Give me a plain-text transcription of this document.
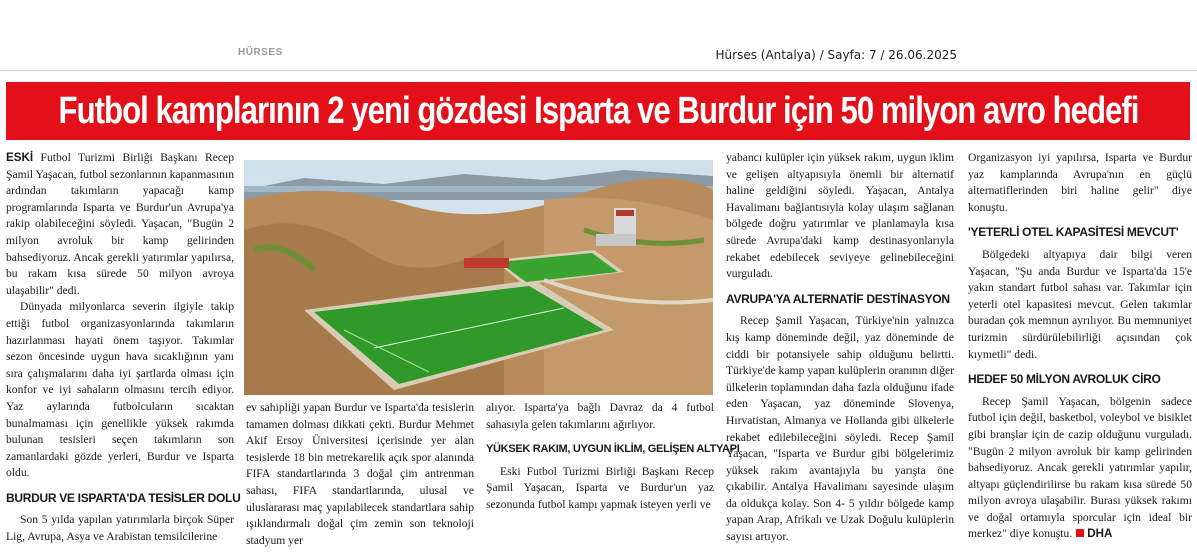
HÜRSES	Hürses (Antalya) / Sayfa: 7 / 26.06.2025
Futbol kamplarının 2 yeni gözdesi Isparta ve Burdur için 50 milyon avro hedefi

ESKİ Futbol Turizmi Birliği Başkanı Recep Şamil Yaşacan, futbol sezonlarının kapanmasının ardından takımların yapacağı kamp programlarında Isparta ve Burdur'un Avrupa'ya rakip olabileceğini söyledi. Yaşacan, "Bugün 2 milyon avroluk bir kamp gelirinden bahsediyoruz. Ancak gerekli yatırımlar yapılırsa, bu rakam kısa sürede 50 milyon avroya ulaşabilir" dedi.

Dünyada milyonlarca severin ilgiyle takip ettiği futbol organizasyonlarında takımların hazırlanması hayati önem taşıyor. Takımlar sezon öncesinde uygun hava sıcaklığının yanı sıra çalışmalarını daha iyi şartlarda olması için konfor ve iyi sahaların olmasını tercih ediyor. Yaz aylarında futbolcuların sıcaktan bunalmaması için genellikle yüksek rakımda bulunan tesisleri seçen takımların son zamanlardaki gözde yerleri, Burdur ve Isparta oldu.

BURDUR VE ISPARTA'DA TESİSLER DOLU

Son 5 yılda yapılan yatırımlarla birçok Süper Lig, Avrupa, Asya ve Arabistan temsilcilerine

ev sahipliği yapan Burdur ve Isparta'da tesislerin tamamen dolması dikkati çekti. Burdur Mehmet Akif Ersoy Üniversitesi içerisinde yer alan tesislerde 18 bin metrekarelik açık spor alanında FIFA standartlarında 3 doğal çim antrenman sahası, FIFA standartlarında, ulusal ve uluslararası maç yapılabilecek standartlara sahip ışıklandırmalı doğal çim zemin son teknoloji stadyum yer

alıyor. Isparta'ya bağlı Davraz da 4 futbol sahasıyla gelen takımlarını ağırlıyor.

YÜKSEK RAKIM, UYGUN İKLİM, GELİŞEN ALTYAPI

Eski Futbol Turizmi Birliği Başkanı Recep Şamil Yaşacan, Isparta ve Burdur'un yaz sezonunda futbol kampı yapmak isteyen yerli ve

yabancı kulüpler için yüksek rakım, uygun iklim ve gelişen altyapısıyla önemli bir alternatif haline geldiğini söyledi. Yaşacan, Antalya Havalimanı bağlantısıyla kolay ulaşım sağlanan bölgede doğru yatırımlar ve planlamayla kısa sürede Avrupa'daki kamp destinasyonlarıyla rekabet edebilecek seviyeye gelinebileceğini vurguladı.

AVRUPA'YA ALTERNATİF DESTİNASYON

Recep Şamil Yaşacan, Türkiye'nin yalnızca kış kamp döneminde değil, yaz döneminde de ciddi bir potansiyele sahip olduğunu belirtti. Türkiye'de kamp yapan kulüplerin oranının diğer ülkelerin toplamından daha fazla olduğunu ifade eden Yaşacan, yaz döneminde Slovenya, Hırvatistan, Almanya ve Hollanda gibi ülkelerle rekabet edilebileceğini söyledi. Recep Şamil Yaşacan, "Isparta ve Burdur gibi bölgelerimiz yüksek rakım avantajıyla bu yarışta öne çıkabilir. Antalya Havalimanı sayesinde ulaşım da oldukça kolay. Son 4- 5 yıldır bölgede kamp yapan Arap, Afrikalı ve Uzak Doğulu kulüplerin sayısı artıyor.

Organizasyon iyi yapılırsa, Isparta ve Burdur yaz kamplarında Avrupa'nın en güçlü alternatiflerinden biri haline gelir" diye konuştu.

'YETERLİ OTEL KAPASİTESİ MEVCUT'

Bölgedeki altyapıya dair bilgi veren Yaşacan, "Şu anda Burdur ve Isparta'da 15'e yakın standart futbol sahası var. Takımlar için yeterli otel kapasitesi mevcut. Gelen takımlar buradan çok memnun ayrılıyor. Bu memnuniyet turizmin sürdürülebilirliği açısından çok kıymetli" dedi.

HEDEF 50 MİLYON AVROLUK CİRO

Recep Şamil Yaşacan, bölgenin sadece futbol için değil, basketbol, voleybol ve bisiklet gibi branşlar için de cazip olduğunu vurguladı. "Bugün 2 milyon avroluk bir kamp gelirinden bahsediyoruz. Ancak gerekli yatırımlar yapılır, altyapı güçlendirilirse bu rakam kısa sürede 50 milyon avroya ulaşabilir. Burası yüksek rakımı ve doğal ortamıyla sporcular için ideal bir merkez" diye konuştu. DHA
